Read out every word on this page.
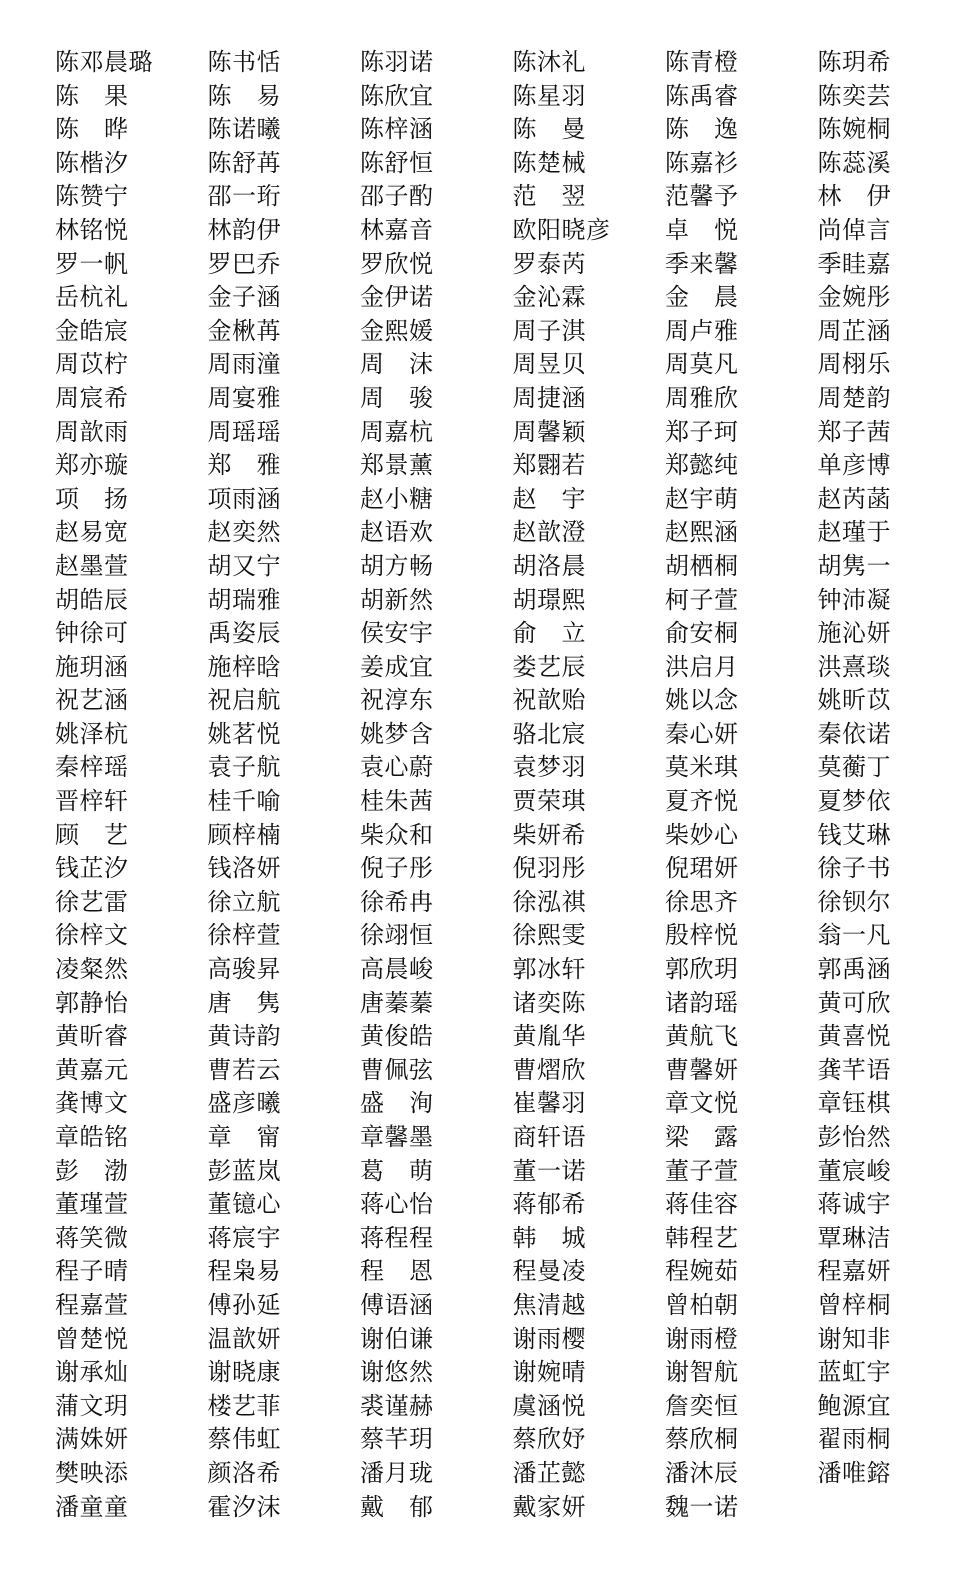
陈邓晨璐	陈书恬	陈羽诺	陈沐礼	陈青橙	陈玥希
陈　果	陈　易	陈欣宜	陈星羽	陈禹睿	陈奕芸
陈　晔	陈诺曦	陈梓涵	陈　曼	陈　逸	陈婉桐
陈楷汐	陈舒苒	陈舒恒	陈楚械	陈嘉衫	陈蕊溪
陈赞宁	邵一珩	邵子酌	范　翌	范馨予	林　伊
林铭悦	林韵伊	林嘉音	欧阳晓彦	卓　悦	尚倬言
罗一帆	罗巴乔	罗欣悦	罗泰芮	季来馨	季眭嘉
岳杭礼	金子涵	金伊诺	金沁霖	金　晨	金婉彤
金皓宸	金楸苒	金熙媛	周子淇	周卢雅	周芷涵
周苡柠	周雨潼	周　沫	周昱贝	周莫凡	周栩乐
周宸希	周宴雅	周　骏	周捷涵	周雅欣	周楚韵
周歆雨	周瑶瑶	周嘉杭	周馨颖	郑子珂	郑子茜
郑亦璇	郑　雅	郑景薰	郑翾若	郑懿纯	单彦博
项　扬	项雨涵	赵小糖	赵　宇	赵宇萌	赵芮菡
赵易宽	赵奕然	赵语欢	赵歆澄	赵熙涵	赵瑾于
赵墨萱	胡又宁	胡方畅	胡洛晨	胡栖桐	胡隽一
胡皓辰	胡瑞雅	胡新然	胡璟熙	柯子萱	钟沛凝
钟徐可	禹姿辰	侯安宇	俞　立	俞安桐	施沁妍
施玥涵	施梓晗	姜成宜	娄艺辰	洪启月	洪熹琰
祝艺涵	祝启航	祝淳东	祝歆贻	姚以念	姚昕苡
姚泽杭	姚茗悦	姚梦含	骆北宸	秦心妍	秦依诺
秦梓瑶	袁子航	袁心蔚	袁梦羽	莫米琪	莫蘅丁
晋梓轩	桂千喻	桂朱茜	贾荣琪	夏齐悦	夏梦依
顾　艺	顾梓楠	柴众和	柴妍希	柴妙心	钱艾琳
钱芷汐	钱洛妍	倪子彤	倪羽彤	倪珺妍	徐子书
徐艺雷	徐立航	徐希冉	徐泓祺	徐思齐	徐钡尔
徐梓文	徐梓萱	徐翊恒	徐熙雯	殷梓悦	翁一凡
凌粲然	高骏昇	高晨峻	郭冰轩	郭欣玥	郭禹涵
郭静怡	唐　隽	唐蓁蓁	诸奕陈	诸韵瑶	黄可欣
黄昕睿	黄诗韵	黄俊皓	黄胤华	黄航飞	黄喜悦
黄嘉元	曹若云	曹佩弦	曹熠欣	曹馨妍	龚芊语
龚博文	盛彦曦	盛　洵	崔馨羽	章文悦	章钰棋
章皓铭	章　甯	章馨墨	商轩语	梁　露	彭怡然
彭　渤	彭蓝岚	葛　萌	董一诺	董子萱	董宸峻
董瑾萱	董镱心	蒋心怡	蒋郁希	蒋佳容	蒋诚宇
蒋笑微	蒋宸宇	蒋程程	韩　城	韩程艺	覃琳洁
程子晴	程枭易	程　恩	程曼凌	程婉茹	程嘉妍
程嘉萱	傅孙延	傅语涵	焦清越	曾柏朝	曾梓桐
曾楚悦	温歆妍	谢伯谦	谢雨樱	谢雨橙	谢知非
谢承灿	谢晓康	谢悠然	谢婉晴	谢智航	蓝虹宇
蒲文玥	楼艺菲	裘谨赫	虞涵悦	詹奕恒	鲍源宜
满姝妍	蔡伟虹	蔡芊玥	蔡欣妤	蔡欣桐	翟雨桐
樊映添	颜洛希	潘月珑	潘芷懿	潘沐辰	潘唯鎔
潘童童	霍汐沫	戴　郁	戴家妍	魏一诺
